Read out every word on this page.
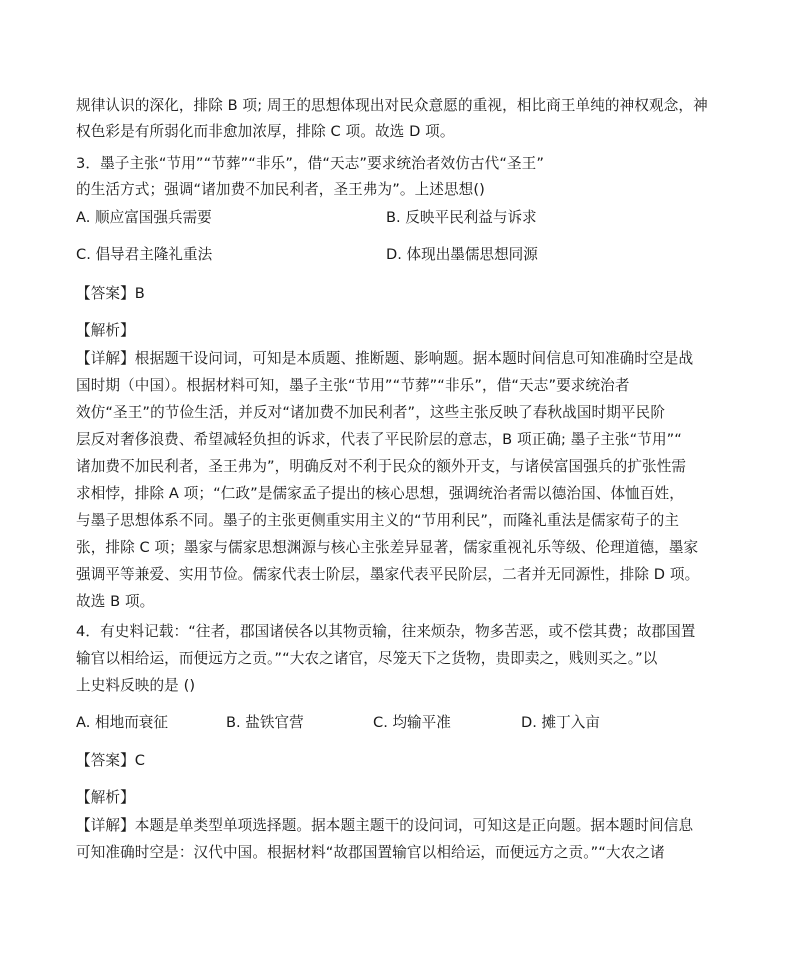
规律认识的深化，排除 B 项; 周王的思想体现出对民众意愿的重视，相比商王单纯的神权观念，神
权色彩是有所弱化而非愈加浓厚，排除 C 项。故选 D 项。
3．墨子主张“节用”“节葬”“非乐”，借“天志”要求统治者效仿古代“圣王”
的生活方式；强调“诸加费不加民利者，圣王弗为”。上述思想()
A. 顺应富国强兵需要	B. 反映平民利益与诉求
C. 倡导君主隆礼重法	D. 体现出墨儒思想同源
【答案】B
【解析】
【详解】根据题干设问词，可知是本质题、推断题、影响题。据本题时间信息可知准确时空是战
国时期（中国）。根据材料可知，墨子主张“节用”“节葬”“非乐”，借“天志”要求统治者
效仿“圣王”的节俭生活，并反对“诸加费不加民利者”，这些主张反映了春秋战国时期平民阶
层反对奢侈浪费、希望减轻负担的诉求，代表了平民阶层的意志，B 项正确; 墨子主张“节用”“
诸加费不加民利者，圣王弗为”，明确反对不利于民众的额外开支，与诸侯富国强兵的扩张性需
求相悖，排除 A 项；“仁政”是儒家孟子提出的核心思想，强调统治者需以德治国、体恤百姓，
与墨子思想体系不同。墨子的主张更侧重实用主义的“节用利民”，而隆礼重法是儒家荀子的主
张，排除 C 项；墨家与儒家思想渊源与核心主张差异显著，儒家重视礼乐等级、伦理道德，墨家
强调平等兼爱、实用节俭。儒家代表士阶层，墨家代表平民阶层，二者并无同源性，排除 D 项。
故选 B 项。
4．有史料记载：“往者，郡国诸侯各以其物贡输，往来烦杂，物多苦恶，或不偿其费；故郡国置
输官以相给运，而便远方之贡。”“大农之诸官，尽笼天下之货物，贵即卖之，贱则买之。”以
上史料反映的是 ()
A. 相地而衰征	B. 盐铁官营	C. 均输平准	D. 摊丁入亩
【答案】C
【解析】
【详解】本题是单类型单项选择题。据本题主题干的设问词，可知这是正向题。据本题时间信息
可知准确时空是：汉代中国。根据材料“故郡国置输官以相给运，而便远方之贡。”“大农之诸
